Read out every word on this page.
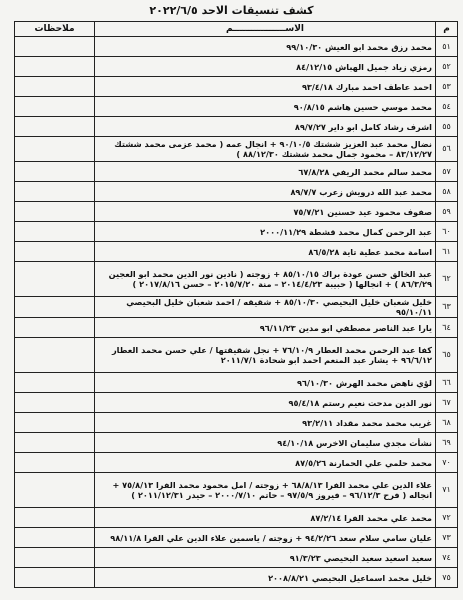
كشف تنسيقات الاحد ٢٠٢٢/٦/٥
م	الاســـــــــــــــــم	ملاحظات
٥١	محمد رزق محمد ابو العيش ٩٩/١٠/٣٠	
٥٢	رمزي زياد جميل الهباش ٨٤/١٢/١٥	
٥٣	احمد عاطف احمد مبارك ٩٣/٤/١٨	
٥٤	محمد موسي حسين هاشم ٩٠/٨/١٥	
٥٥	اشرف رشاد كامل ابو داير ٨٩/٧/٢٧	
٥٦	نضال محمد عبد العزيز ششتك ٩٠/١٠/٥ + انجال عمه ( محمد عزمى محمد ششتك ٨٣/١٢/٢٧ – محمود جمال محمد ششتك ٨٨/١٢/٣٠ )	
٥٧	محمد سالم محمد الريفي ٦٧/٨/٢٨	
٥٨	محمد عبد الله درويش زعرب ٨٩/٧/٧	
٥٩	صفوف محمود عيد حسنين ٧٥/٧/٢١	
٦٠	عبد الرحمن كمال محمد قشطة ٢٠٠٠/١١/٢٩	
٦١	اسامة محمد عطية تاية ٨٦/٥/٢٨	
٦٢	عبد الخالق حسن عودة براك ٨٥/١٠/١٥ + زوجته ( نادين نور الدين محمد ابو العجين ٨٦/٣/٢٩ ) + انجالها ( حبيبة ٢٠١٤/٤/٢٣ – منة ٢٠١٥/٧/٢٠ – حسن ٢٠١٧/٨/١٦ )	
٦٣	خليل شعبان خليل البحيصي ٨٥/١٠/٣٠ + شقيقه / احمد شعبان خليل البحيصي ٩٥/١٠/١١	
٦٤	يارا عبد الناصر مصطفي ابو مدين ٩٦/١١/٢٣	
٦٥	كفا عبد الرحمن محمد العطار ٧٦/١٠/٩ + نجل شقيقتها / علي حسن محمد العطار ٩٦/٦/١٢ + يشار عبد المنعم احمد ابو شحادة ٢٠١١/٧/١	
٦٦	لؤي ناهض محمد الهرش ٩٦/١٠/٣٠	
٦٧	نور الدين مدحت نعيم رستم ٩٥/٤/١٨	
٦٨	غريب محمد محمد مقداد ٩٣/٢/١١	
٦٩	نشأت مجدي سليمان الاخرس ٩٤/١٠/١٨	
٧٠	محمد حلمي علي الحمارنة ٨٧/٥/٢٦	
٧١	علاء الدين علي محمد الفرا ٦٨/٨/١٣ + زوجته / امل محمود محمد الفرا ٧٥/٨/١٣ + انجاله ( فرح ٩٦/١٢/٣ – فيروز ٩٧/٥/٩ – حاتم ٢٠٠٠/٧/١٠ – حيدر ٢٠١١/١٢/٣١ )	
٧٢	محمد علي محمد الفرا ٨٧/٢/١٤	
٧٣	عليان سامي سلام سعد ٩٤/٢/٢٦ + زوجته / ياسمين علاء الدين علي الفرا ٩٨/١١/٨	
٧٤	سعيد اسعيد سعيد البحيصي ٩١/٣/٢٣	
٧٥	خليل محمد اسماعيل البحيصي ٢٠٠٨/٨/٢١	
